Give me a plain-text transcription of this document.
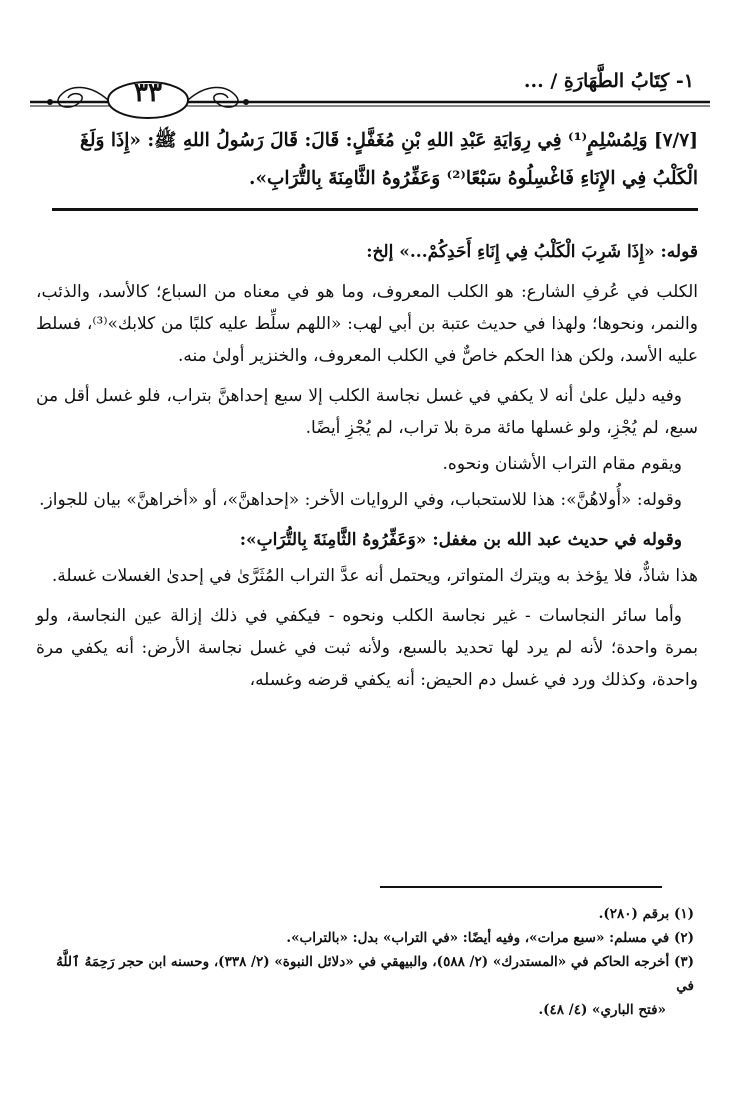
١- كِتَابُ الطَّهَارَةِ / ...
٣٣
[٧/٧] وَلِمُسْلِمٍ⁽¹⁾ فِي رِوَايَةِ عَبْدِ اللهِ بْنِ مُغَفَّلٍ: قَالَ: قَالَ رَسُولُ اللهِ ﷺ: «إِذَا وَلَغَ
الْكَلْبُ فِي الإِنَاءِ فَاغْسِلُوهُ سَبْعًا⁽²⁾ وَعَفِّرُوهُ الثَّامِنَةَ بِالتُّرَابِ».

قوله: «إِذَا شَرِبَ الْكَلْبُ فِي إِنَاءِ أَحَدِكُمْ...» إلخ:

الكلب في عُرفِ الشارع: هو الكلب المعروف، وما هو في معناه من السباع؛ كالأسد، والذئب، والنمر، ونحوها؛ ولهذا في حديث عتبة بن أبي لهب: «اللهم سلِّط عليه كلبًا من كلابك»⁽³⁾، فسلط عليه الأسد، ولكن هذا الحكم خاصٌّ في الكلب المعروف، والخنزير أولىٰ منه.

وفيه دليل علىٰ أنه لا يكفي في غسل نجاسة الكلب إلا سبع إحداهنَّ بتراب، فلو غسل أقل من سبع، لم يُجْزِ، ولو غسلها مائة مرة بلا تراب، لم يُجْزِ أيضًا.

ويقوم مقام التراب الأشنان ونحوه.

وقوله: «أُولاهُنَّ»: هذا للاستحباب، وفي الروايات الأخر: «إحداهنَّ»، أو «أخراهنَّ» بيان للجواز.

وقوله في حديث عبد الله بن مغفل: «وَعَفِّرُوهُ الثَّامِنَةَ بِالتُّرَابِ»:

هذا شاذٌّ، فلا يؤخذ به ويترك المتواتر، ويحتمل أنه عدَّ التراب المُثَرَّىٰ في إحدىٰ الغسلات غسلة.

وأما سائر النجاسات - غير نجاسة الكلب ونحوه - فيكفي في ذلك إزالة عين النجاسة، ولو بمرة واحدة؛ لأنه لم يرد لها تحديد بالسبع، ولأنه ثبت في غسل نجاسة الأرض: أنه يكفي مرة واحدة، وكذلك ورد في غسل دم الحيض: أنه يكفي قرضه وغسله،

(١) برقم (٢٨٠).
(٢) في مسلم: «سبع مرات»، وفيه أيضًا: «في التراب» بدل: «بالتراب».
(٣) أخرجه الحاكم في «المستدرك» (٢/ ٥٨٨)، والبيهقي في «دلائل النبوة» (٢/ ٣٣٨)، وحسنه ابن حجر رَحِمَهُ ٱللَّهُ في
«فتح الباري» (٤/ ٤٨).
